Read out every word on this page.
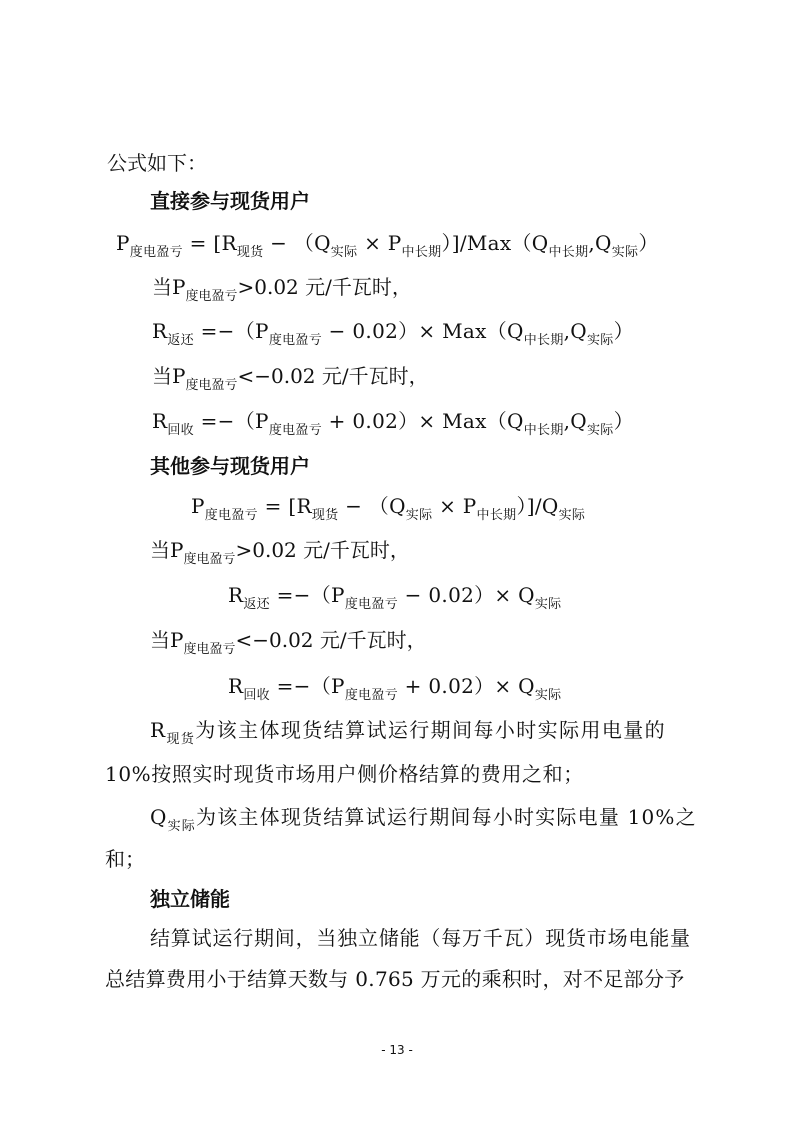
公式如下：
直接参与现货用户
$P_{度电盈亏} = [R_{现货} - (Q_{实际} \times P_{中长期})]/Max(Q_{中长期},Q_{实际})$
当$P_{度电盈亏}>0.02$ 元/千瓦时，
$R_{返还} =-(P_{度电盈亏} - 0.02)\times Max(Q_{中长期},Q_{实际})$
当$P_{度电盈亏}<-0.02$ 元/千瓦时，
$R_{回收} =-(P_{度电盈亏} + 0.02)\times Max(Q_{中长期},Q_{实际})$
其他参与现货用户
$P_{度电盈亏} = [R_{现货} - (Q_{实际} \times P_{中长期})]/Q_{实际}$
当$P_{度电盈亏}>0.02$ 元/千瓦时，
$R_{返还} =-(P_{度电盈亏} - 0.02)\times Q_{实际}$
当$P_{度电盈亏}<-0.02$ 元/千瓦时，
$R_{回收} =-(P_{度电盈亏} + 0.02)\times Q_{实际}$
$R_{现货}$为该主体现货结算试运行期间每小时实际用电量的
10%按照实时现货市场用户侧价格结算的费用之和；
$Q_{实际}$为该主体现货结算试运行期间每小时实际电量 10%之
和；
独立储能
结算试运行期间，当独立储能（每万千瓦）现货市场电能量
总结算费用小于结算天数与 0.765 万元的乘积时，对不足部分予
- 13 -
